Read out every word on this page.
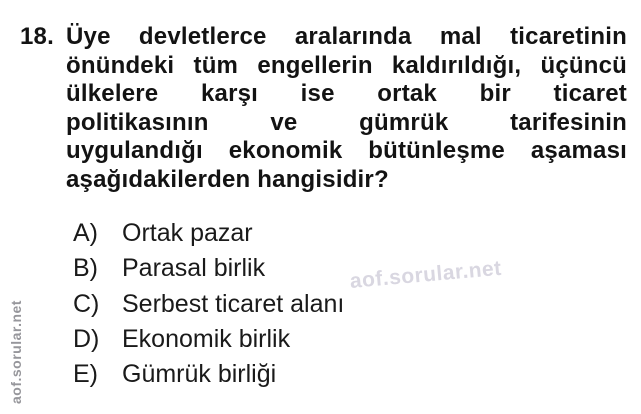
18. Üye devletlerce aralarında mal ticaretinin
önündeki tüm engellerin kaldırıldığı, üçüncü
ülkelere karşı ise ortak bir ticaret
politikasının ve gümrük tarifesinin
uygulandığı ekonomik bütünleşme aşaması
aşağıdakilerden hangisidir?
A) Ortak pazar
B) Parasal birlik
C) Serbest ticaret alanı
D) Ekonomik birlik
E) Gümrük birliği
aof.sorular.net
aof.sorular.net
